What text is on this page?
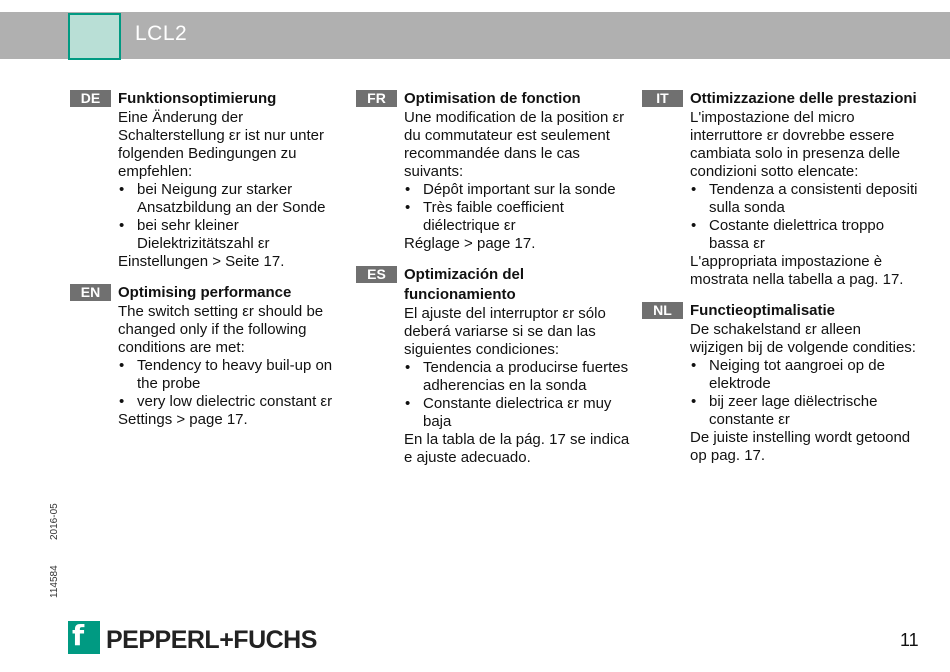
LCL2
DE	Funktionsoptimierung
Eine Änderung der Schalterstellung εr ist nur unter folgenden Bedingungen zu empfehlen:
• bei Neigung zur starker Ansatzbildung an der Sonde
• bei sehr kleiner Dielektrizitätszahl εr
Einstellungen > Seite 17.
EN	Optimising performance
The switch setting εr should be changed only if the following conditions are met:
• Tendency to heavy buil-up on the probe
• very low dielectric constant εr
Settings > page 17.
FR	Optimisation de fonction
Une modification de la position εr du commutateur est seulement recommandée dans le cas suivants:
• Dépôt important sur la sonde
• Très faible coefficient diélectrique εr
Réglage > page 17.
ES	Optimización del funcionamiento
El ajuste del interruptor εr sólo deberá variarse si se dan las siguientes condiciones:
• Tendencia a producirse fuertes adherencias en la sonda
• Constante dielectrica εr muy baja
En la tabla de la pág. 17 se indica e ajuste adecuado.
IT	Ottimizzazione delle prestazioni
L'impostazione del micro interruttore εr dovrebbe essere cambiata solo in presenza delle condizioni sotto elencate:
• Tendenza a consistenti depositi sulla sonda
• Costante dielettrica troppo bassa εr
L'appropriata impostazione è mostrata nella tabella a pag. 17.
NL	Functieoptimalisatie
De schakelstand εr alleen wijzigen bij de volgende condities:
• Neiging tot aangroei op de elektrode
• bij zeer lage diëlectrische constante εr
De juiste instelling wordt getoond op pag. 17.
2016-05
114584
f PEPPERL+FUCHS	11
